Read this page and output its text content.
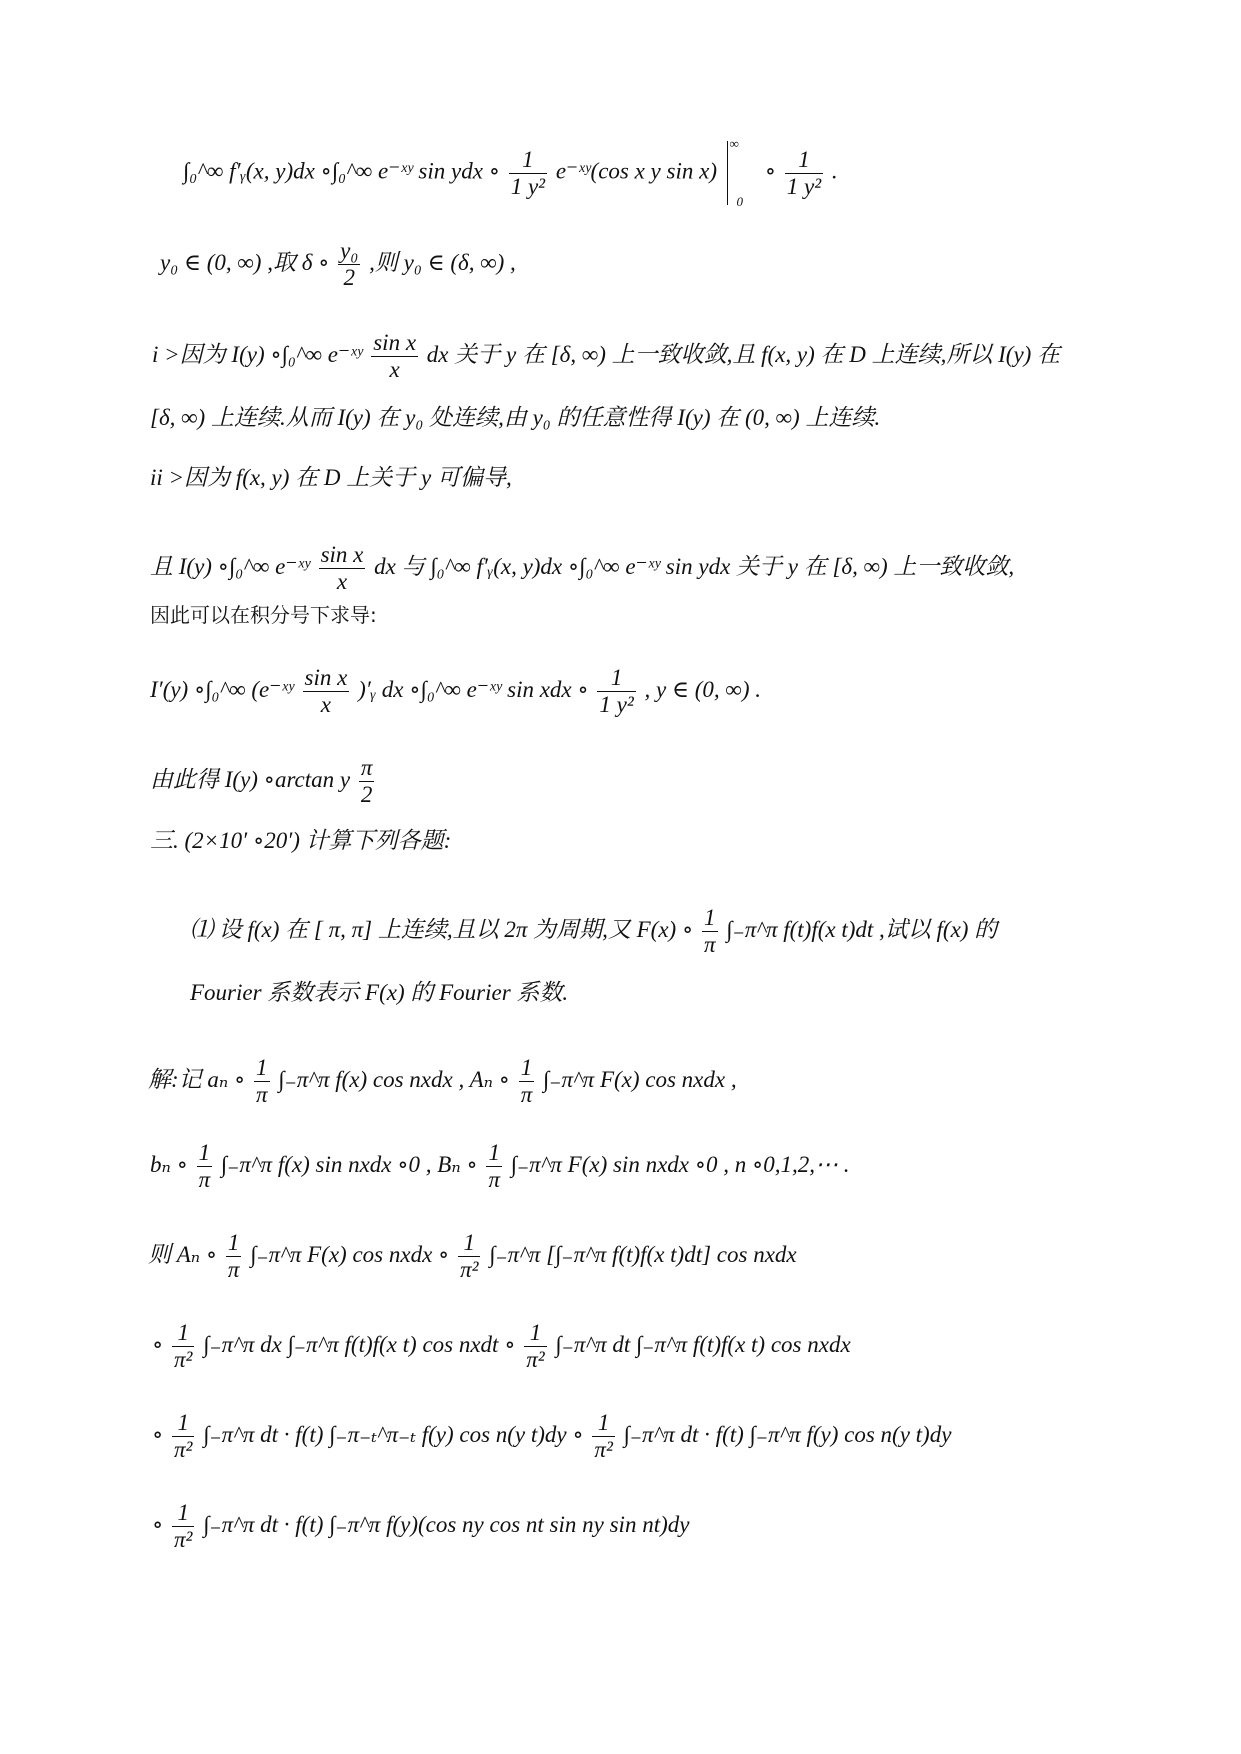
∫₀^∞ f′ᵧ(x, y)dx ∘∫₀^∞ e⁻ˣʸ sin ydx ∘ $\frac{1}{\text{1 y²}}$ e⁻ˣʸ(cos x y sin x)  ∞ $_0$ ∘ $\frac{1}{\text{1 y²}}$ .
y₀ ∈ (0, ∞) ,取 δ ∘ $\frac{\text{y₀}}{2}$ ,则 y₀ ∈ (δ, ∞) ,
i >因为 I(y) ∘∫₀^∞ e⁻ˣʸ $\frac{\text{sin x}}{x}$ dx 关于 y 在 [δ, ∞) 上一致收敛,且 f(x, y) 在 D 上连续,所以 I(y) 在
[δ, ∞) 上连续.从而 I(y) 在 y₀ 处连续,由 y₀ 的任意性得 I(y) 在 (0, ∞) 上连续.
ii >因为 f(x, y) 在 D 上关于 y 可偏导,
且 I(y) ∘∫₀^∞ e⁻ˣʸ $\frac{\text{sin x}}{x}$ dx 与 ∫₀^∞ f′ᵧ(x, y)dx ∘∫₀^∞ e⁻ˣʸ sin ydx 关于 y 在 [δ, ∞) 上一致收敛,
因此可以在积分号下求导:
I′(y) ∘∫₀^∞ (e⁻ˣʸ $\frac{\text{sin x}}{x}$ )′ᵧ dx ∘∫₀^∞ e⁻ˣʸ sin xdx ∘ $\frac{1}{\text{1 y²}}$ , y ∈ (0, ∞) .
由此得 I(y) ∘arctan y $\frac{\pi}{2}$
三. (2×10′ ∘20′) 计算下列各题:
⑴ 设 f(x) 在 [ π, π] 上连续,且以 2π 为周期,又 F(x) ∘ $\frac{1}{\pi}$ ∫₋π^π f(t)f(x t)dt ,试以 f(x) 的
Fourier 系数表示 F(x) 的 Fourier 系数.
解:记 aₙ ∘ $\frac{1}{\pi}$ ∫₋π^π f(x) cos nxdx , Aₙ ∘ $\frac{1}{\pi}$ ∫₋π^π F(x) cos nxdx ,
bₙ ∘ $\frac{1}{\pi}$ ∫₋π^π f(x) sin nxdx ∘0 , Bₙ ∘ $\frac{1}{\pi}$ ∫₋π^π F(x) sin nxdx ∘0 , n ∘0,1,2,⋯ .
则 Aₙ ∘ $\frac{1}{\pi}$ ∫₋π^π F(x) cos nxdx ∘ $\frac{1}{\text{π²}}$ ∫₋π^π [∫₋π^π f(t)f(x t)dt] cos nxdx
∘ $\frac{1}{\text{π²}}$ ∫₋π^π dx ∫₋π^π f(t)f(x t) cos nxdt ∘ $\frac{1}{\text{π²}}$ ∫₋π^π dt ∫₋π^π f(t)f(x t) cos nxdx
∘ $\frac{1}{\text{π²}}$ ∫₋π^π dt · f(t) ∫₋π₋ₜ^π₋ₜ f(y) cos n(y t)dy ∘ $\frac{1}{\text{π²}}$ ∫₋π^π dt · f(t) ∫₋π^π f(y) cos n(y t)dy
∘ $\frac{1}{\text{π²}}$ ∫₋π^π dt · f(t) ∫₋π^π f(y)(cos ny cos nt sin ny sin nt)dy
